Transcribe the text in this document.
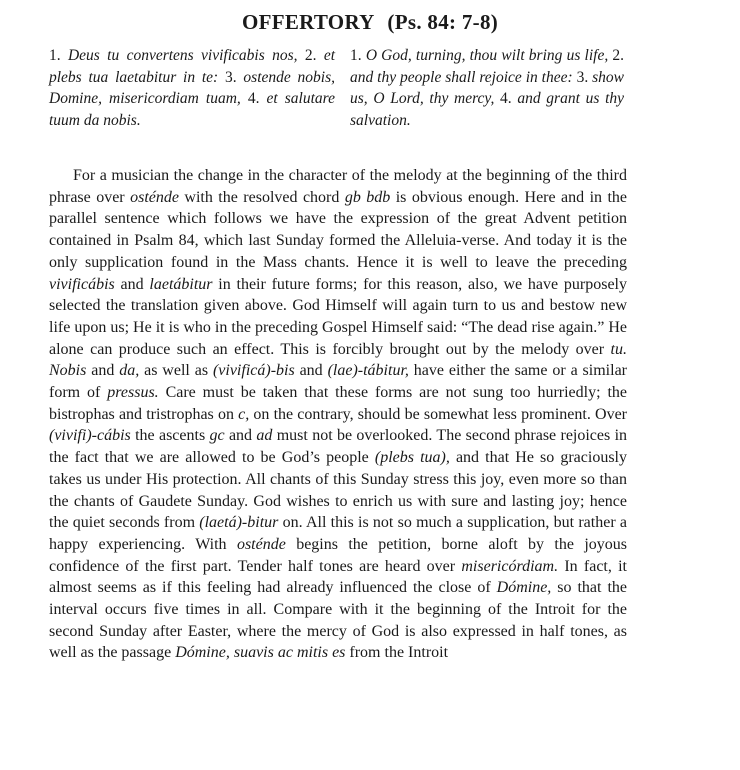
OFFERTORY (Ps. 84: 7-8)
1. Deus tu convertens vivificabis nos, 2. et plebs tua laetabitur in te: 3. ostende nobis, Domine, misericordiam tuam, 4. et salutare tuum da nobis.
1. O God, turning, thou wilt bring us life, 2. and thy people shall rejoice in thee: 3. show us, O Lord, thy mercy, 4. and grant us thy salvation.

For a musician the change in the character of the melody at the beginning of the third phrase over osténde with the resolved chord gb bdb is obvious enough. Here and in the parallel sentence which follows we have the expression of the great Advent petition contained in Psalm 84, which last Sunday formed the Alleluia-verse. And today it is the only supplication found in the Mass chants. Hence it is well to leave the preceding vivificábis and laetábitur in their future forms; for this reason, also, we have purposely selected the translation given above. God Himself will again turn to us and bestow new life upon us; He it is who in the preceding Gospel Himself said: “The dead rise again.” He alone can produce such an effect. This is forcibly brought out by the melody over tu. Nobis and da, as well as (vivificá)-bis and (lae)-tábitur, have either the same or a similar form of pressus. Care must be taken that these forms are not sung too hurriedly; the bistrophas and tristrophas on c, on the contrary, should be somewhat less prominent. Over (vivifi)-cábis the ascents gc and ad must not be overlooked. The second phrase rejoices in the fact that we are allowed to be God’s people (plebs tua), and that He so graciously takes us under His protection. All chants of this Sunday stress this joy, even more so than the chants of Gaudete Sunday. God wishes to enrich us with sure and lasting joy; hence the quiet seconds from (laetá)-bitur on. All this is not so much a supplication, but rather a happy experiencing. With osténde begins the petition, borne aloft by the joyous confidence of the first part. Tender half tones are heard over misericórdiam. In fact, it almost seems as if this feeling had already influenced the close of Dómine, so that the interval occurs five times in all. Compare with it the beginning of the Introit for the second Sunday after Easter, where the mercy of God is also expressed in half tones, as well as the passage Dómine, suavis ac mitis es from the Introit
